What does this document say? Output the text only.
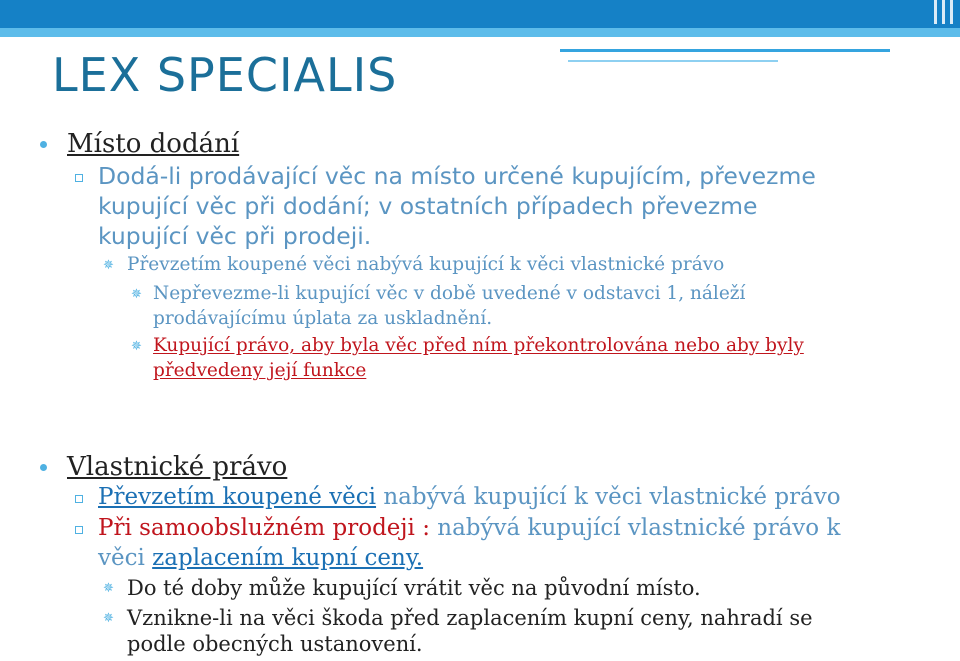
LEX SPECIALIS
Místo dodání
Dodá-li prodávající věc na místo určené kupujícím, převezme
kupující věc při dodání; v ostatních případech převezme
kupující věc při prodeji.
✵ Převzetím koupené věci nabývá kupující k věci vlastnické právo
✵ Nepřevezme-li kupující věc v době uvedené v odstavci 1, náleží
prodávajícímu úplata za uskladnění.
✵ Kupující právo, aby byla věc před ním překontrolována nebo aby byly
předvedeny její funkce
Vlastnické právo
Převzetím koupené věci nabývá kupující k věci vlastnické právo
Při samoobslužném prodeji : nabývá kupující vlastnické právo k
věci zaplacením kupní ceny.
✵ Do té doby může kupující vrátit věc na původní místo.
✵ Vznikne-li na věci škoda před zaplacením kupní ceny, nahradí se
podle obecných ustanovení.
